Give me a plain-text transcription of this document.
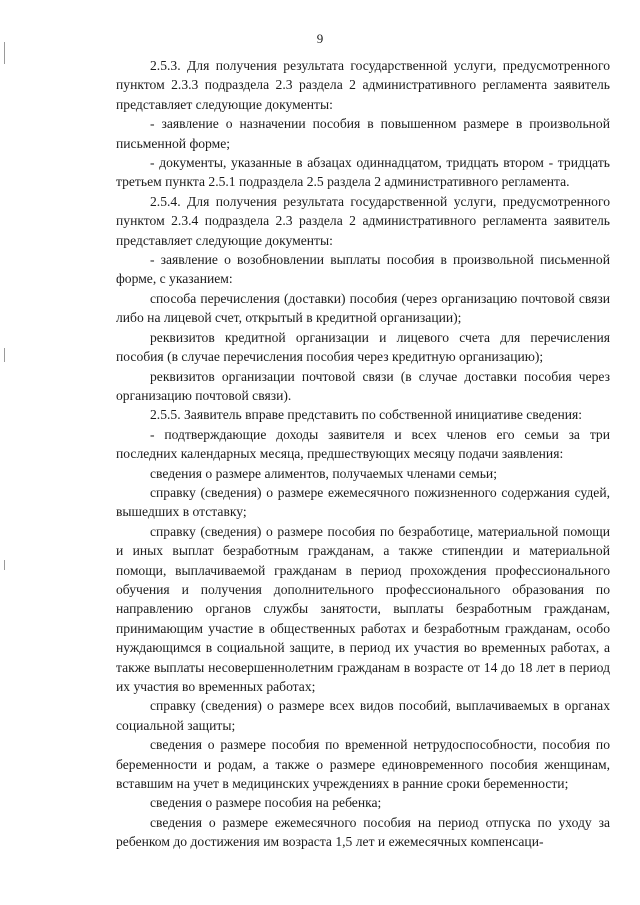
9

2.5.3. Для получения результата государственной услуги, предусмотренного пунктом 2.3.3 подраздела 2.3 раздела 2 административного регламента заявитель представляет следующие документы:

- заявление о назначении пособия в повышенном размере в произвольной письменной форме;

- документы, указанные в абзацах одиннадцатом, тридцать втором - тридцать третьем пункта 2.5.1 подраздела 2.5 раздела 2 административного регламента.

2.5.4. Для получения результата государственной услуги, предусмотренного пунктом 2.3.4 подраздела 2.3 раздела 2 административного регламента заявитель представляет следующие документы:

- заявление о возобновлении выплаты пособия в произвольной письменной форме, с указанием:

способа перечисления (доставки) пособия (через организацию почтовой связи либо на лицевой счет, открытый в кредитной организации);

реквизитов кредитной организации и лицевого счета для перечисления пособия (в случае перечисления пособия через кредитную организацию);

реквизитов организации почтовой связи (в случае доставки пособия через организацию почтовой связи).

2.5.5. Заявитель вправе представить по собственной инициативе сведения:

- подтверждающие доходы заявителя и всех членов его семьи за три последних календарных месяца, предшествующих месяцу подачи заявления:

сведения о размере алиментов, получаемых членами семьи;

справку (сведения) о размере ежемесячного пожизненного содержания судей, вышедших в отставку;

справку (сведения) о размере пособия по безработице, материальной помощи и иных выплат безработным гражданам, а также стипендии и материальной помощи, выплачиваемой гражданам в период прохождения профессионального обучения и получения дополнительного профессионального образования по направлению органов службы занятости, выплаты безработным гражданам, принимающим участие в общественных работах и безработным гражданам, особо нуждающимся в социальной защите, в период их участия во временных работах, а также выплаты несовершеннолетним гражданам в возрасте от 14 до 18 лет в период их участия во временных работах;

справку (сведения) о размере всех видов пособий, выплачиваемых в органах социальной защиты;

сведения о размере пособия по временной нетрудоспособности, пособия по беременности и родам, а также о размере единовременного пособия женщинам, вставшим на учет в медицинских учреждениях в ранние сроки беременности;

сведения о размере пособия на ребенка;

сведения о размере ежемесячного пособия на период отпуска по уходу за ребенком до достижения им возраста 1,5 лет и ежемесячных компенсаци-
